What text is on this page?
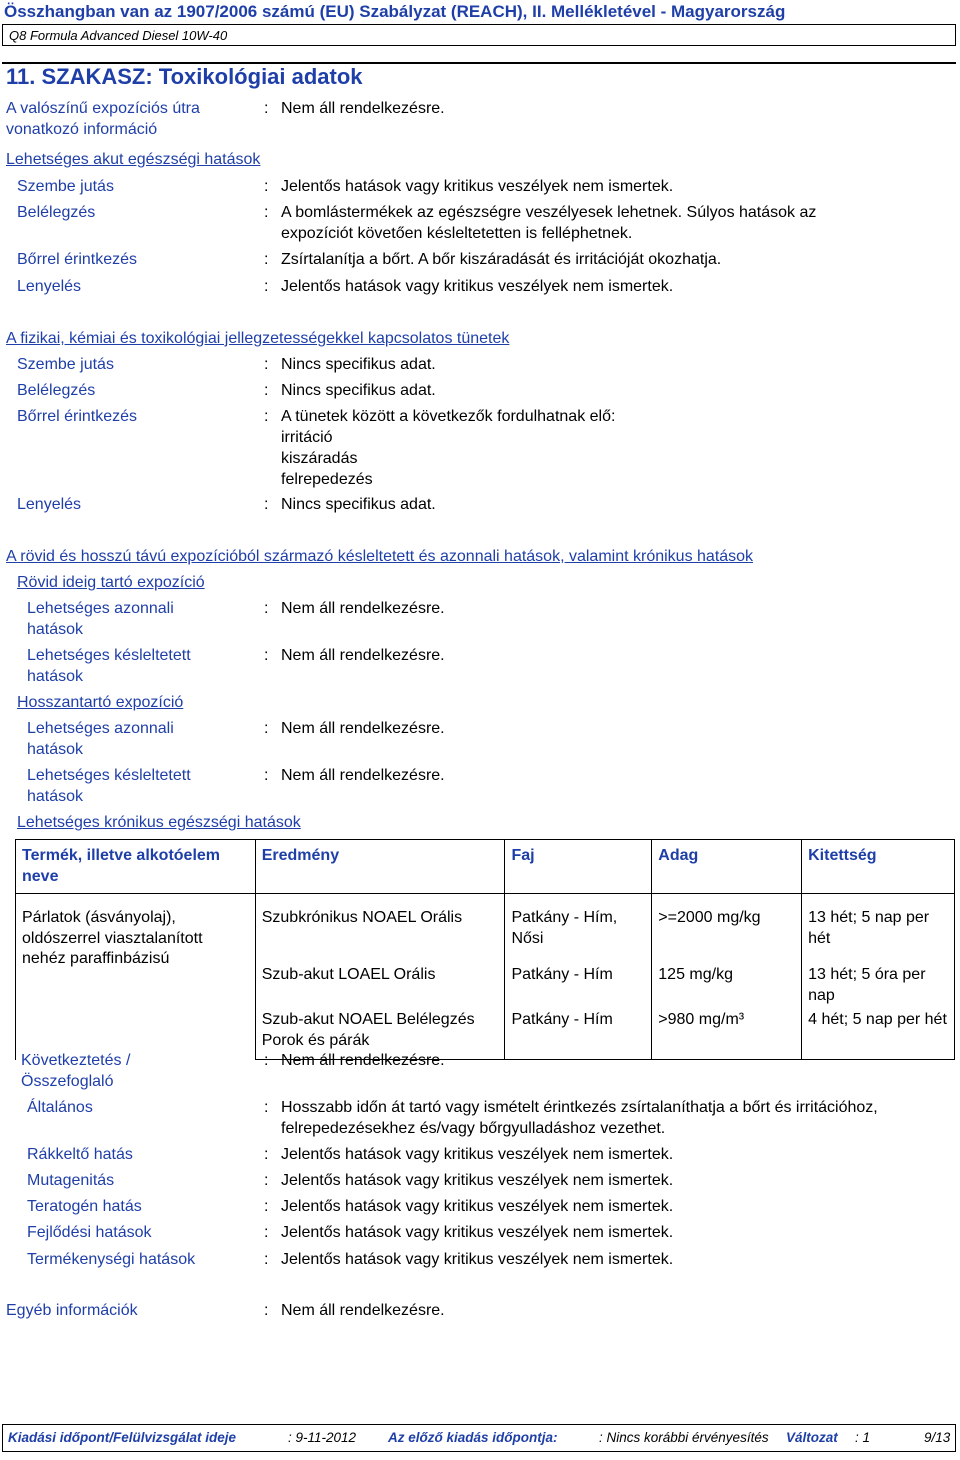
Összhangban van az 1907/2006 számú (EU) Szabályzat (REACH), II. Mellékletével - Magyarország
Q8 Formula Advanced Diesel 10W-40
11. SZAKASZ: Toxikológiai adatok
A valószínű expozíciós útra
vonatkozó információ
: Nem áll rendelkezésre.
Lehetséges akut egészségi hatások
Szembe jutás	: Jelentős hatások vagy kritikus veszélyek nem ismertek.
Belélegzés	: A bomlástermékek az egészségre veszélyesek lehetnek. Súlyos hatások az
expozíciót követően késleltetetten is felléphetnek.
Bőrrel érintkezés	: Zsírtalanítja a bőrt. A bőr kiszáradását és irritációját okozhatja.
Lenyelés	: Jelentős hatások vagy kritikus veszélyek nem ismertek.
A fizikai, kémiai és toxikológiai jellegzetességekkel kapcsolatos tünetek
Szembe jutás	: Nincs specifikus adat.
Belélegzés	: Nincs specifikus adat.
Bőrrel érintkezés	: A tünetek között a következők fordulhatnak elő:
irritáció
kiszáradás
felrepedezés
Lenyelés	: Nincs specifikus adat.
A rövid és hosszú távú expozícióból származó késleltetett és azonnali hatások, valamint krónikus hatások
Rövid ideig tartó expozíció
Lehetséges azonnali
hatások
: Nem áll rendelkezésre.
Lehetséges késleltetett
hatások
: Nem áll rendelkezésre.
Hosszantartó expozíció
Lehetséges azonnali
hatások
: Nem áll rendelkezésre.
Lehetséges késleltetett
hatások
: Nem áll rendelkezésre.
Lehetséges krónikus egészségi hatások
Termék, illetve alkotóelem neve	Eredmény	Faj	Adag	Kitettség
Párlatok (ásványolaj), oldószerrel viasztalanított nehéz paraffinbázisú	Szubkrónikus NOAEL Orális	Patkány - Hím, Nősi	>=2000 mg/kg	13 hét; 5 nap per hét
	Szub-akut LOAEL Orális	Patkány - Hím	125 mg/kg	13 hét; 5 óra per nap
	Szub-akut NOAEL Belélegzés Porok és párák	Patkány - Hím	>980 mg/m³	4 hét; 5 nap per hét
Következtetés /
Összefoglaló
: Nem áll rendelkezésre.
Általános	: Hosszabb időn át tartó vagy ismételt érintkezés zsírtalaníthatja a bőrt és irritációhoz,
felrepedezésekhez és/vagy bőrgyulladáshoz vezethet.
Rákkeltő hatás	: Jelentős hatások vagy kritikus veszélyek nem ismertek.
Mutagenitás	: Jelentős hatások vagy kritikus veszélyek nem ismertek.
Teratogén hatás	: Jelentős hatások vagy kritikus veszélyek nem ismertek.
Fejlődési hatások	: Jelentős hatások vagy kritikus veszélyek nem ismertek.
Termékenységi hatások	: Jelentős hatások vagy kritikus veszélyek nem ismertek.
Egyéb információk	: Nem áll rendelkezésre.
Kiadási időpont/Felülvizsgálat ideje	: 9-11-2012 Az előző kiadás időpontja:	: Nincs korábbi érvényesítés Változat : 1	9/13
